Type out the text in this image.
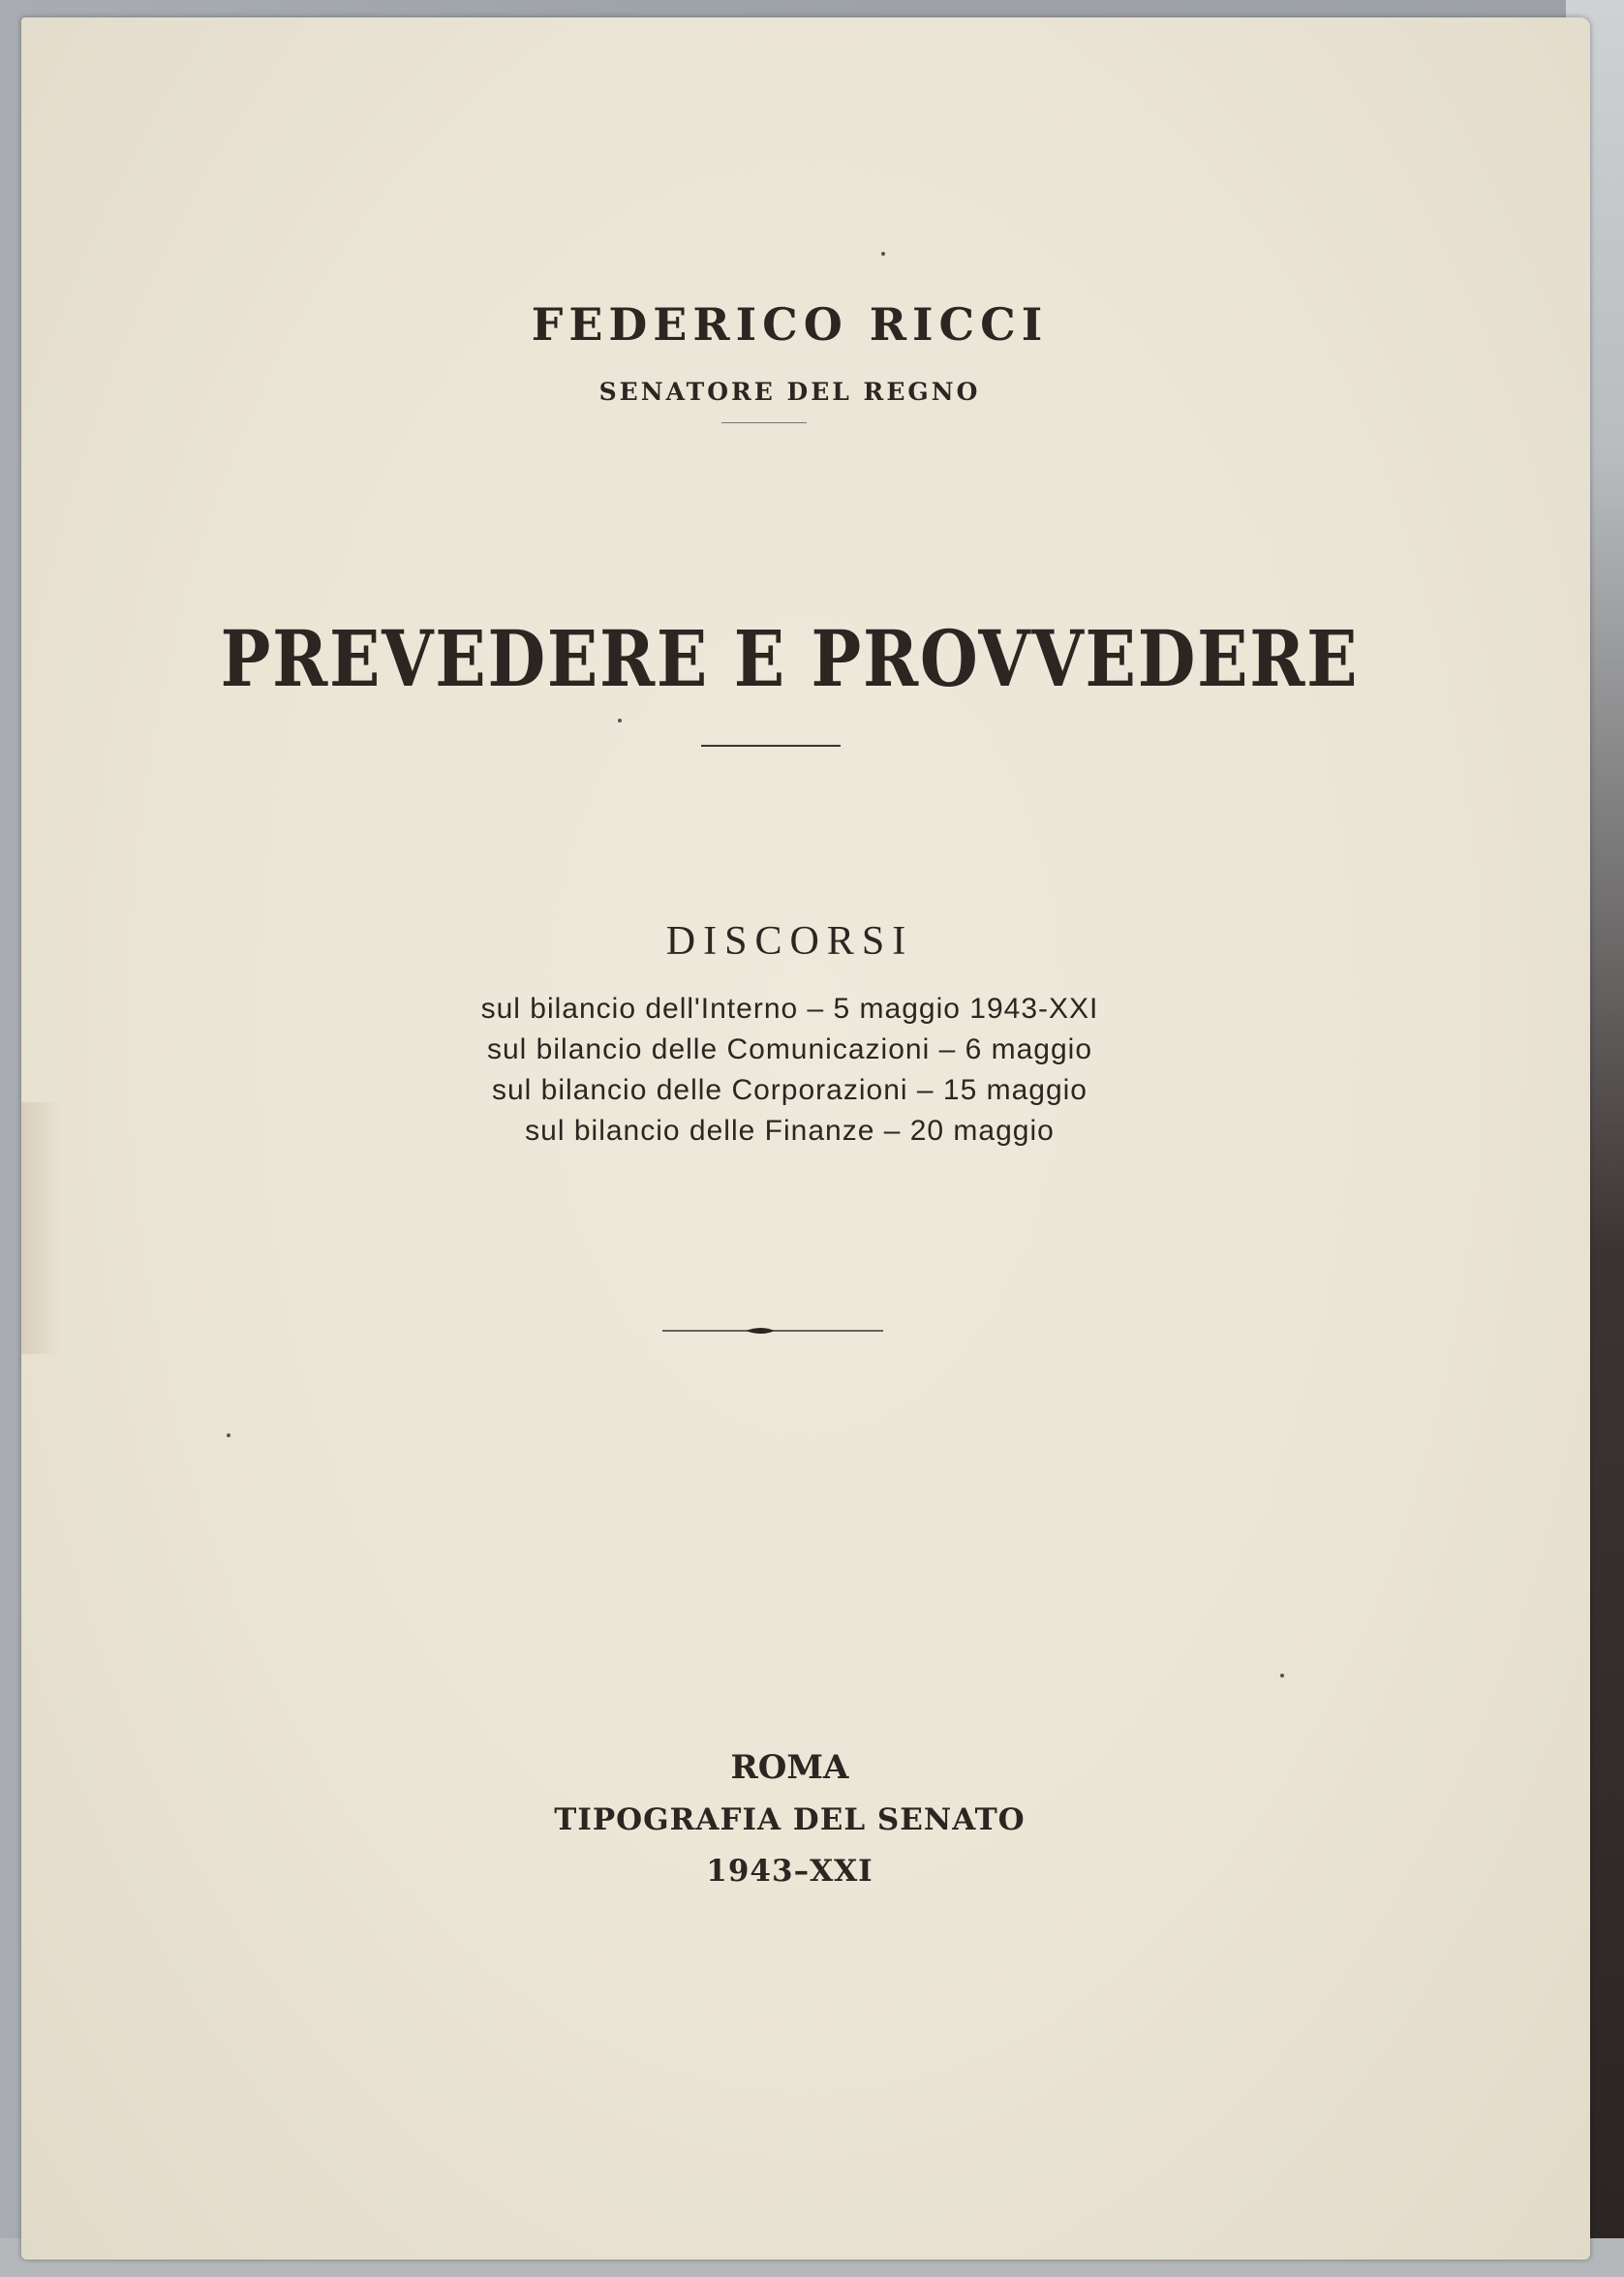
FEDERICO RICCI
SENATORE DEL REGNO
PREVEDERE E PROVVEDERE
DISCORSI
sul bilancio dell'Interno – 5 maggio 1943-XXI
sul bilancio delle Comunicazioni – 6 maggio
sul bilancio delle Corporazioni – 15 maggio
sul bilancio delle Finanze – 20 maggio
ROMA
TIPOGRAFIA DEL SENATO
1943–XXI
